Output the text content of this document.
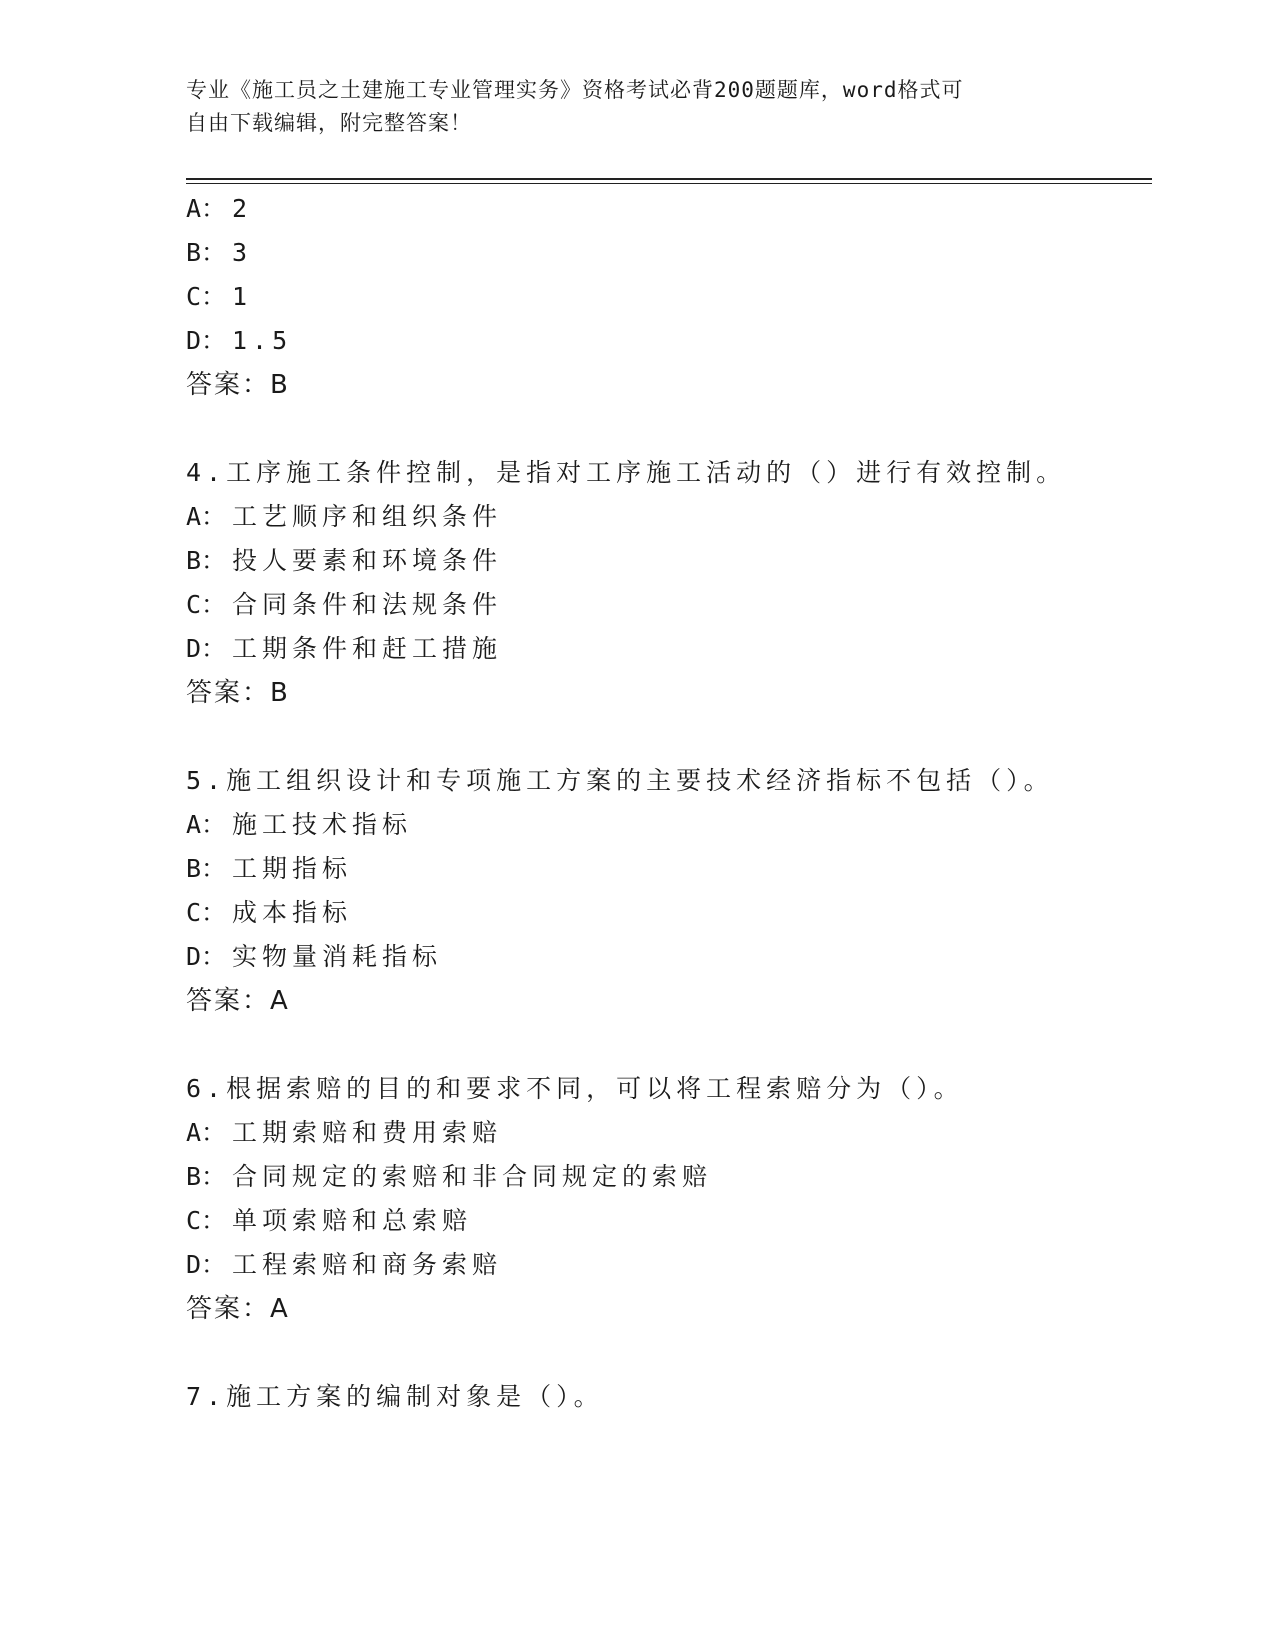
专业《施工员之土建施工专业管理实务》资格考试必背200题题库，word格式可
自由下载编辑，附完整答案！
A： 2
B： 3
C： 1
D： 1.5
答案：B
4.工序施工条件控制，是指对工序施工活动的（）进行有效控制。
A： 工艺顺序和组织条件
B： 投人要素和环境条件
C： 合同条件和法规条件
D： 工期条件和赶工措施
答案：B
5.施工组织设计和专项施工方案的主要技术经济指标不包括（）。
A： 施工技术指标
B： 工期指标
C： 成本指标
D： 实物量消耗指标
答案：A
6.根据索赔的目的和要求不同，可以将工程索赔分为（）。
A： 工期索赔和费用索赔
B： 合同规定的索赔和非合同规定的索赔
C： 单项索赔和总索赔
D： 工程索赔和商务索赔
答案：A
7.施工方案的编制对象是（）。
